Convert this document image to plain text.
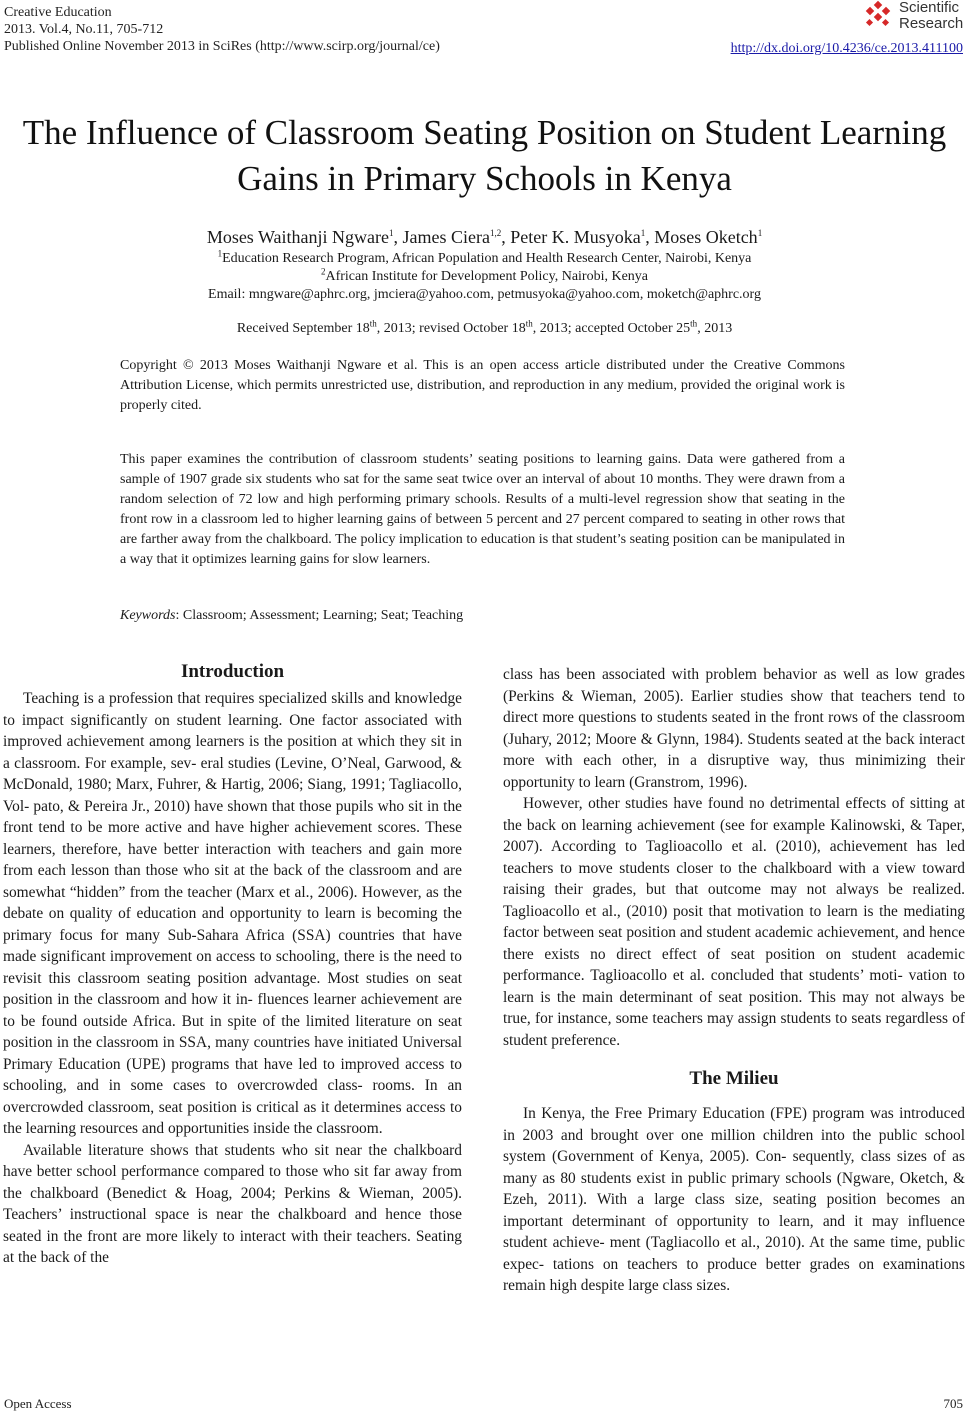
Creative Education
2013. Vol.4, No.11, 705-712
Published Online November 2013 in SciRes (http://www.scirp.org/journal/ce)
Scientific
Research
http://dx.doi.org/10.4236/ce.2013.411100
The Influence of Classroom Seating Position on Student Learning
Gains in Primary Schools in Kenya
Moses Waithanji Ngware$^1$, James Ciera$^{1,2}$, Peter K. Musyoka$^1$, Moses Oketch$^1$
$^1$Education Research Program, African Population and Health Research Center, Nairobi, Kenya
$^2$African Institute for Development Policy, Nairobi, Kenya
Email: mngware@aphrc.org, jmciera@yahoo.com, petmusyoka@yahoo.com, moketch@aphrc.org
Received September 18th, 2013; revised October 18th, 2013; accepted October 25th, 2013
Copyright © 2013 Moses Waithanji Ngware et al. This is an open access article distributed under the Creative Commons Attribution License, which permits unrestricted use, distribution, and reproduction in any medium, provided the original work is properly cited.
This paper examines the contribution of classroom students’ seating positions to learning gains. Data were gathered from a sample of 1907 grade six students who sat for the same seat twice over an interval of about 10 months. They were drawn from a random selection of 72 low and high performing primary schools. Results of a multi-level regression show that seating in the front row in a classroom led to higher learning gains of between 5 percent and 27 percent compared to seating in other rows that are farther away from the chalkboard. The policy implication to education is that student’s seating position can be manipulated in a way that it optimizes learning gains for slow learners.
Keywords: Classroom; Assessment; Learning; Seat; Teaching
Introduction

Teaching is a profession that requires specialized skills and knowledge to impact significantly on student learning. One factor associated with improved achievement among learners is the position at which they sit in a classroom. For example, sev- eral studies (Levine, O’Neal, Garwood, & McDonald, 1980; Marx, Fuhrer, & Hartig, 2006; Siang, 1991; Tagliacollo, Vol- pato, & Pereira Jr., 2010) have shown that those pupils who sit in the front tend to be more active and have higher achievement scores. These learners, therefore, have better interaction with teachers and gain more from each lesson than those who sit at the back of the classroom and are somewhat “hidden” from the teacher (Marx et al., 2006). However, as the debate on quality of education and opportunity to learn is becoming the primary focus for many Sub-Sahara Africa (SSA) countries that have made significant improvement on access to schooling, there is the need to revisit this classroom seating position advantage. Most studies on seat position in the classroom and how it in- fluences learner achievement are to be found outside Africa. But in spite of the limited literature on seat position in the classroom in SSA, many countries have initiated Universal Primary Education (UPE) programs that have led to improved access to schooling, and in some cases to overcrowded class- rooms. In an overcrowded classroom, seat position is critical as it determines access to the learning resources and opportunities inside the classroom.

Available literature shows that students who sit near the chalkboard have better school performance compared to those who sit far away from the chalkboard (Benedict & Hoag, 2004; Perkins & Wieman, 2005). Teachers’ instructional space is near the chalkboard and hence those seated in the front are more likely to interact with their teachers. Seating at the back of the

class has been associated with problem behavior as well as low grades (Perkins & Wieman, 2005). Earlier studies show that teachers tend to direct more questions to students seated in the front rows of the classroom (Juhary, 2012; Moore & Glynn, 1984). Students seated at the back interact more with each other, in a disruptive way, thus minimizing their opportunity to learn (Granstrom, 1996).

However, other studies have found no detrimental effects of sitting at the back on learning achievement (see for example Kalinowski, & Taper, 2007). According to Taglioacollo et al. (2010), achievement has led teachers to move students closer to the chalkboard with a view toward raising their grades, but that outcome may not always be realized. Taglioacollo et al., (2010) posit that motivation to learn is the mediating factor between seat position and student academic achievement, and hence there exists no direct effect of seat position on student academic performance. Taglioacollo et al. concluded that students’ moti- vation to learn is the main determinant of seat position. This may not always be true, for instance, some teachers may assign students to seats regardless of student preference.

The Milieu

In Kenya, the Free Primary Education (FPE) program was introduced in 2003 and brought over one million children into the public school system (Government of Kenya, 2005). Con- sequently, class sizes of as many as 80 students exist in public primary schools (Ngware, Oketch, & Ezeh, 2011). With a large class size, seating position becomes an important determinant of opportunity to learn, and it may influence student achieve- ment (Tagliacollo et al., 2010). At the same time, public expec- tations on teachers to produce better grades on examinations remain high despite large class sizes.

Open Access	705
